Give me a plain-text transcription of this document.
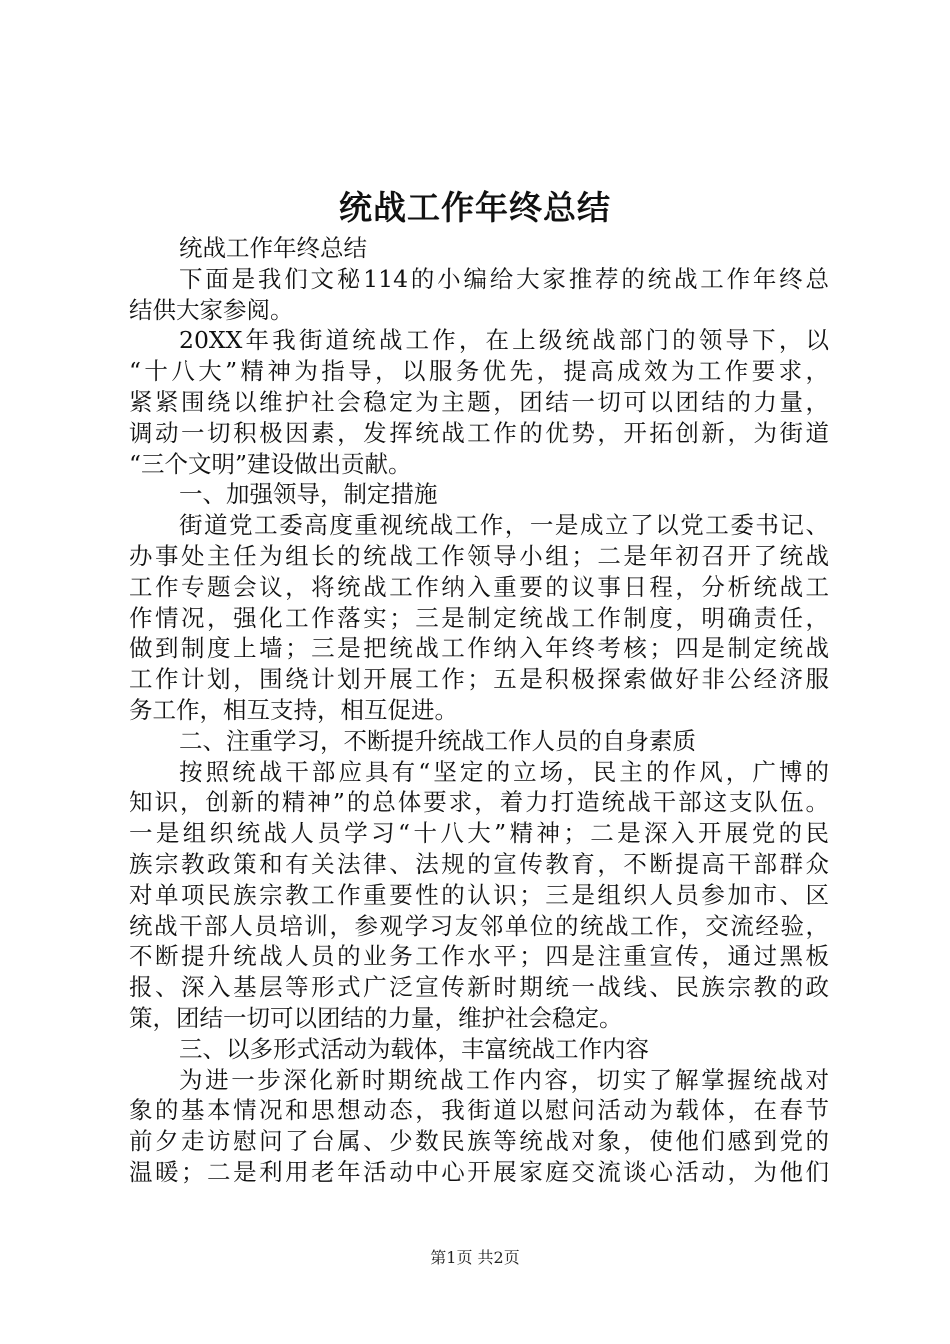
统战工作年终总结
统战工作年终总结
下面是我们文秘114的小编给大家推荐的统战工作年终总
结供大家参阅。
20XX年我街道统战工作，在上级统战部门的领导下，以
“十八大”精神为指导，以服务优先，提高成效为工作要求，
紧紧围绕以维护社会稳定为主题，团结一切可以团结的力量，
调动一切积极因素，发挥统战工作的优势，开拓创新，为街道
“三个文明”建设做出贡献。
一、加强领导，制定措施
街道党工委高度重视统战工作，一是成立了以党工委书记、
办事处主任为组长的统战工作领导小组；二是年初召开了统战
工作专题会议，将统战工作纳入重要的议事日程，分析统战工
作情况，强化工作落实；三是制定统战工作制度，明确责任，
做到制度上墙；三是把统战工作纳入年终考核；四是制定统战
工作计划，围绕计划开展工作；五是积极探索做好非公经济服
务工作，相互支持，相互促进。
二、注重学习，不断提升统战工作人员的自身素质
按照统战干部应具有“坚定的立场，民主的作风，广博的
知识，创新的精神”的总体要求，着力打造统战干部这支队伍。
一是组织统战人员学习“十八大”精神；二是深入开展党的民
族宗教政策和有关法律、法规的宣传教育，不断提高干部群众
对单项民族宗教工作重要性的认识；三是组织人员参加市、区
统战干部人员培训，参观学习友邻单位的统战工作，交流经验，
不断提升统战人员的业务工作水平；四是注重宣传，通过黑板
报、深入基层等形式广泛宣传新时期统一战线、民族宗教的政
策，团结一切可以团结的力量，维护社会稳定。
三、以多形式活动为载体，丰富统战工作内容
为进一步深化新时期统战工作内容，切实了解掌握统战对
象的基本情况和思想动态，我街道以慰问活动为载体，在春节
前夕走访慰问了台属、少数民族等统战对象，使他们感到党的
温暖；二是利用老年活动中心开展家庭交流谈心活动，为他们
第1页 共2页
